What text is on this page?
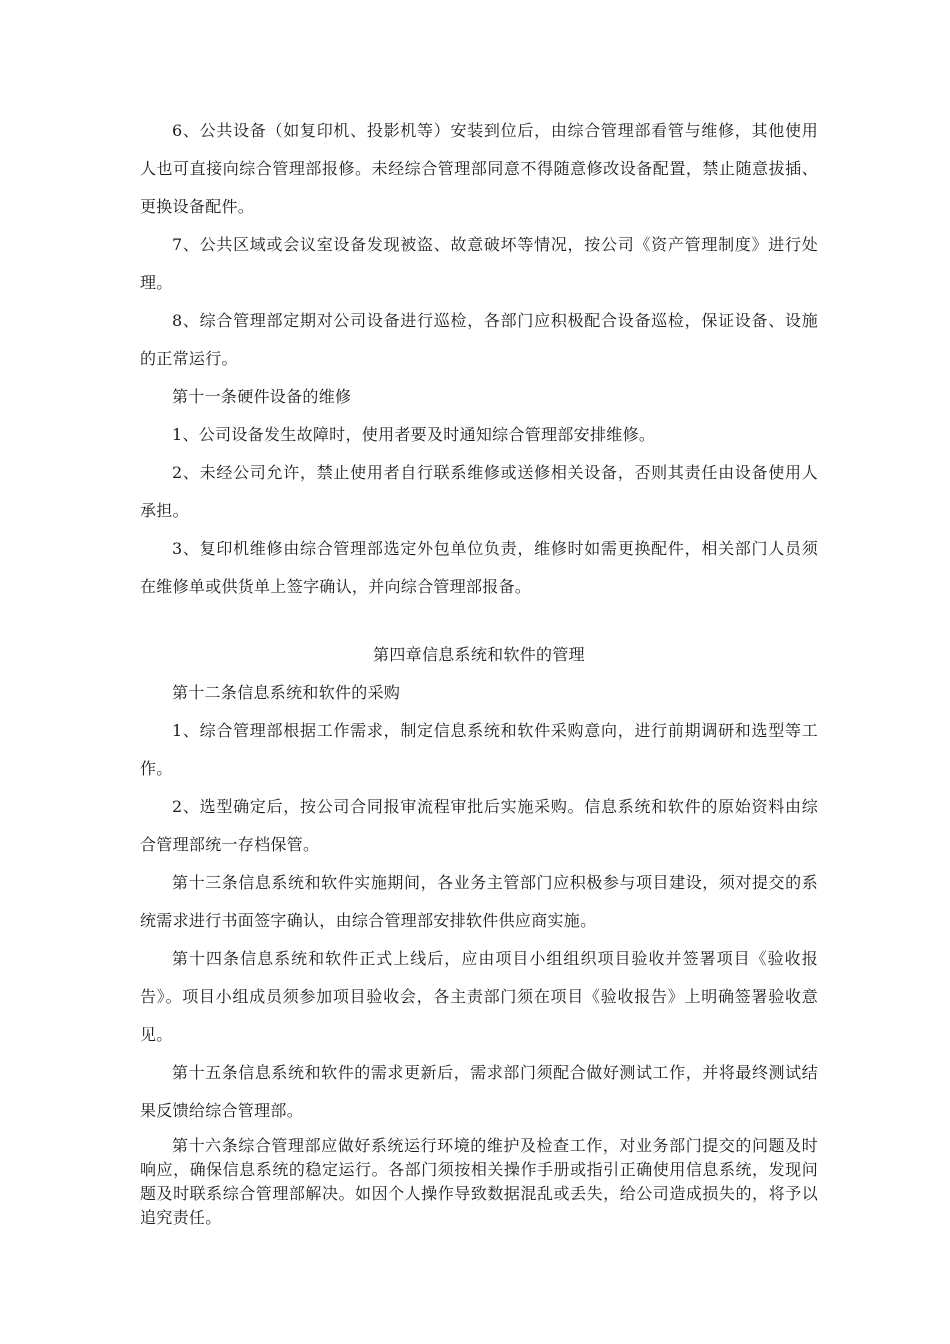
6、公共设备（如复印机、投影机等）安装到位后，由综合管理部看管与维修，其他使用人也可直接向综合管理部报修。未经综合管理部同意不得随意修改设备配置，禁止随意拔插、更换设备配件。

7、公共区域或会议室设备发现被盗、故意破坏等情况，按公司《资产管理制度》进行处理。

8、综合管理部定期对公司设备进行巡检，各部门应积极配合设备巡检，保证设备、设施的正常运行。

第十一条硬件设备的维修

1、公司设备发生故障时，使用者要及时通知综合管理部安排维修。

2、未经公司允许，禁止使用者自行联系维修或送修相关设备，否则其责任由设备使用人承担。

3、复印机维修由综合管理部选定外包单位负责，维修时如需更换配件，相关部门人员须在维修单或供货单上签字确认，并向综合管理部报备。

第四章信息系统和软件的管理

第十二条信息系统和软件的采购

1、综合管理部根据工作需求，制定信息系统和软件采购意向，进行前期调研和选型等工作。

2、选型确定后，按公司合同报审流程审批后实施采购。信息系统和软件的原始资料由综合管理部统一存档保管。

第十三条信息系统和软件实施期间，各业务主管部门应积极参与项目建设，须对提交的系统需求进行书面签字确认，由综合管理部安排软件供应商实施。

第十四条信息系统和软件正式上线后，应由项目小组组织项目验收并签署项目《验收报告》。项目小组成员须参加项目验收会，各主责部门须在项目《验收报告》上明确签署验收意见。

第十五条信息系统和软件的需求更新后，需求部门须配合做好测试工作，并将最终测试结果反馈给综合管理部。

第十六条综合管理部应做好系统运行环境的维护及检查工作，对业务部门提交的问题及时响应，确保信息系统的稳定运行。各部门须按相关操作手册或指引正确使用信息系统，发现问题及时联系综合管理部解决。如因个人操作导致数据混乱或丢失，给公司造成损失的，将予以追究责任。
